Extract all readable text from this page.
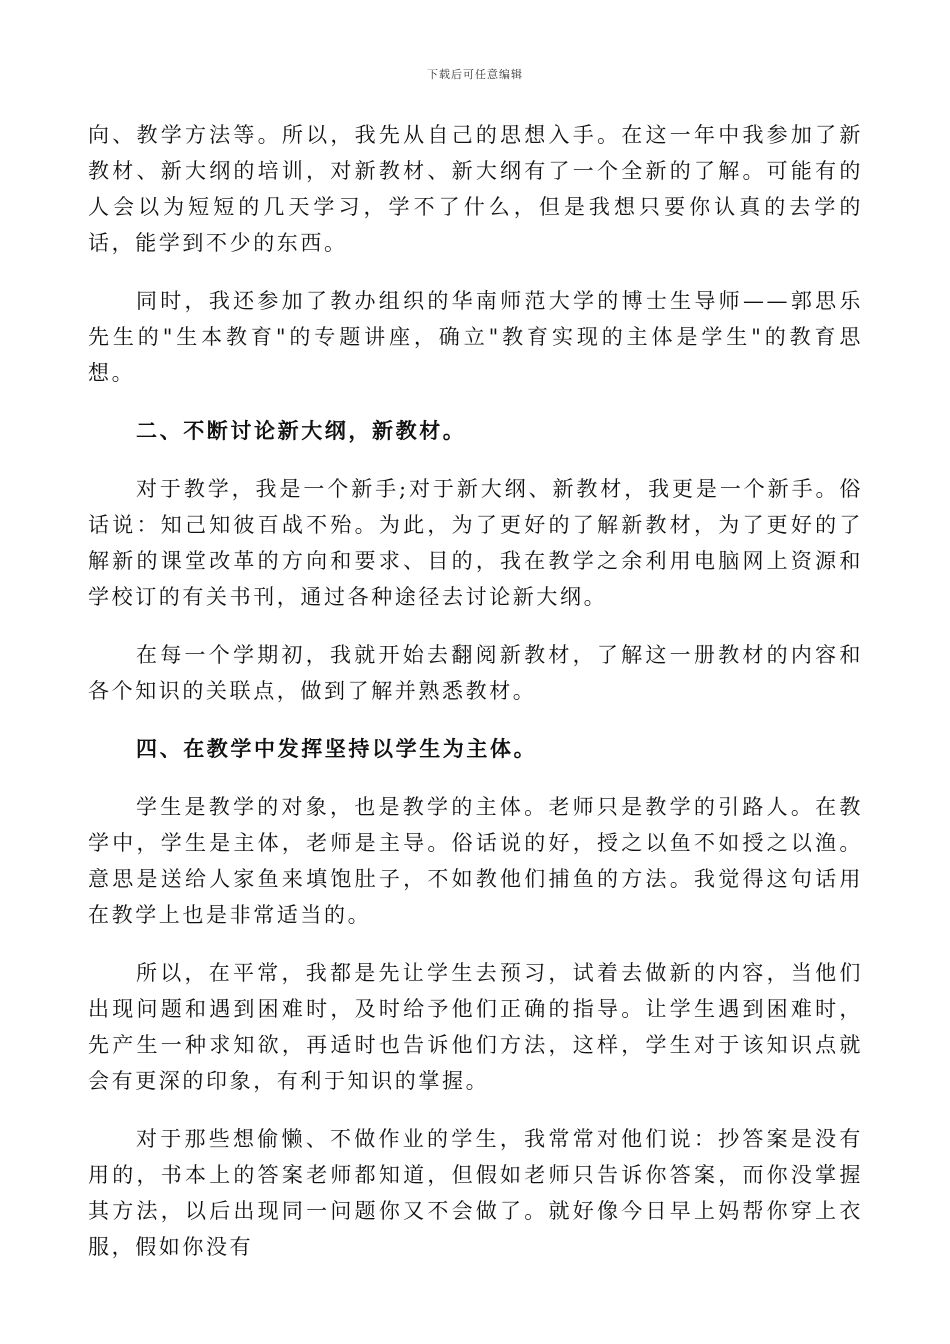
下载后可任意编辑

向、教学方法等。所以，我先从自己的思想入手。在这一年中我参加了新教材、新大纲的培训，对新教材、新大纲有了一个全新的了解。可能有的人会以为短短的几天学习，学不了什么，但是我想只要你认真的去学的话，能学到不少的东西。

同时，我还参加了教办组织的华南师范大学的博士生导师——郭思乐先生的"生本教育"的专题讲座，确立"教育实现的主体是学生"的教育思想。

二、不断讨论新大纲，新教材。

对于教学，我是一个新手;对于新大纲、新教材，我更是一个新手。俗话说：知己知彼百战不殆。为此，为了更好的了解新教材，为了更好的了解新的课堂改革的方向和要求、目的，我在教学之余利用电脑网上资源和学校订的有关书刊，通过各种途径去讨论新大纲。

在每一个学期初，我就开始去翻阅新教材，了解这一册教材的内容和各个知识的关联点，做到了解并熟悉教材。

四、在教学中发挥坚持以学生为主体。

学生是教学的对象，也是教学的主体。老师只是教学的引路人。在教学中，学生是主体，老师是主导。俗话说的好，授之以鱼不如授之以渔。意思是送给人家鱼来填饱肚子，不如教他们捕鱼的方法。我觉得这句话用在教学上也是非常适当的。

所以，在平常，我都是先让学生去预习，试着去做新的内容，当他们出现问题和遇到困难时，及时给予他们正确的指导。让学生遇到困难时，先产生一种求知欲，再适时也告诉他们方法，这样，学生对于该知识点就会有更深的印象，有利于知识的掌握。

对于那些想偷懒、不做作业的学生，我常常对他们说：抄答案是没有用的，书本上的答案老师都知道，但假如老师只告诉你答案，而你没掌握其方法，以后出现同一问题你又不会做了。就好像今日早上妈帮你穿上衣服，假如你没有
